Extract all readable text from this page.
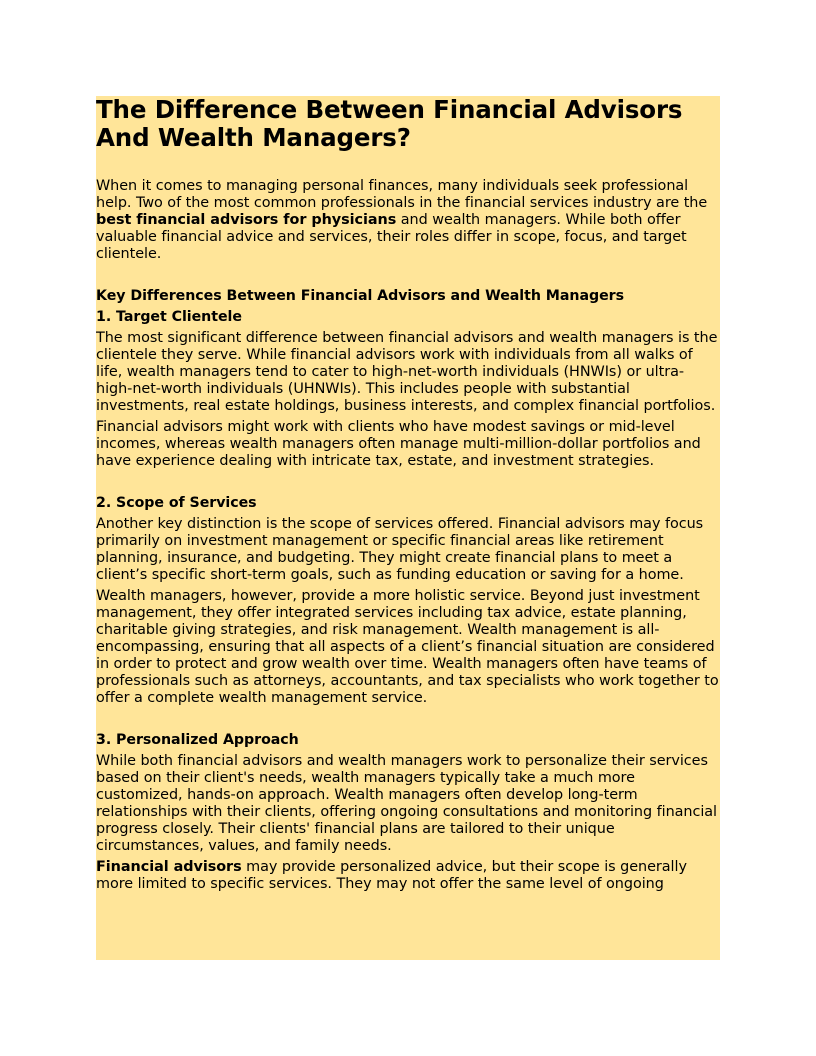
The Difference Between Financial Advisors And Wealth Managers?

When it comes to managing personal finances, many individuals seek professional help. Two of the most common professionals in the financial services industry are the best financial advisors for physicians and wealth managers. While both offer valuable financial advice and services, their roles differ in scope, focus, and target clientele.

Key Differences Between Financial Advisors and Wealth Managers

1. Target Clientele

The most significant difference between financial advisors and wealth managers is the clientele they serve. While financial advisors work with individuals from all walks of life, wealth managers tend to cater to high-net-worth individuals (HNWIs) or ultra-high-net-worth individuals (UHNWIs). This includes people with substantial investments, real estate holdings, business interests, and complex financial portfolios.

Financial advisors might work with clients who have modest savings or mid-level incomes, whereas wealth managers often manage multi-million-dollar portfolios and have experience dealing with intricate tax, estate, and investment strategies.

2. Scope of Services

Another key distinction is the scope of services offered. Financial advisors may focus primarily on investment management or specific financial areas like retirement planning, insurance, and budgeting. They might create financial plans to meet a client’s specific short-term goals, such as funding education or saving for a home.

Wealth managers, however, provide a more holistic service. Beyond just investment management, they offer integrated services including tax advice, estate planning, charitable giving strategies, and risk management. Wealth management is all-encompassing, ensuring that all aspects of a client’s financial situation are considered in order to protect and grow wealth over time. Wealth managers often have teams of professionals such as attorneys, accountants, and tax specialists who work together to offer a complete wealth management service.

3. Personalized Approach

While both financial advisors and wealth managers work to personalize their services based on their client's needs, wealth managers typically take a much more customized, hands-on approach. Wealth managers often develop long-term relationships with their clients, offering ongoing consultations and monitoring financial progress closely. Their clients' financial plans are tailored to their unique circumstances, values, and family needs.

Financial advisors may provide personalized advice, but their scope is generally more limited to specific services. They may not offer the same level of ongoing
